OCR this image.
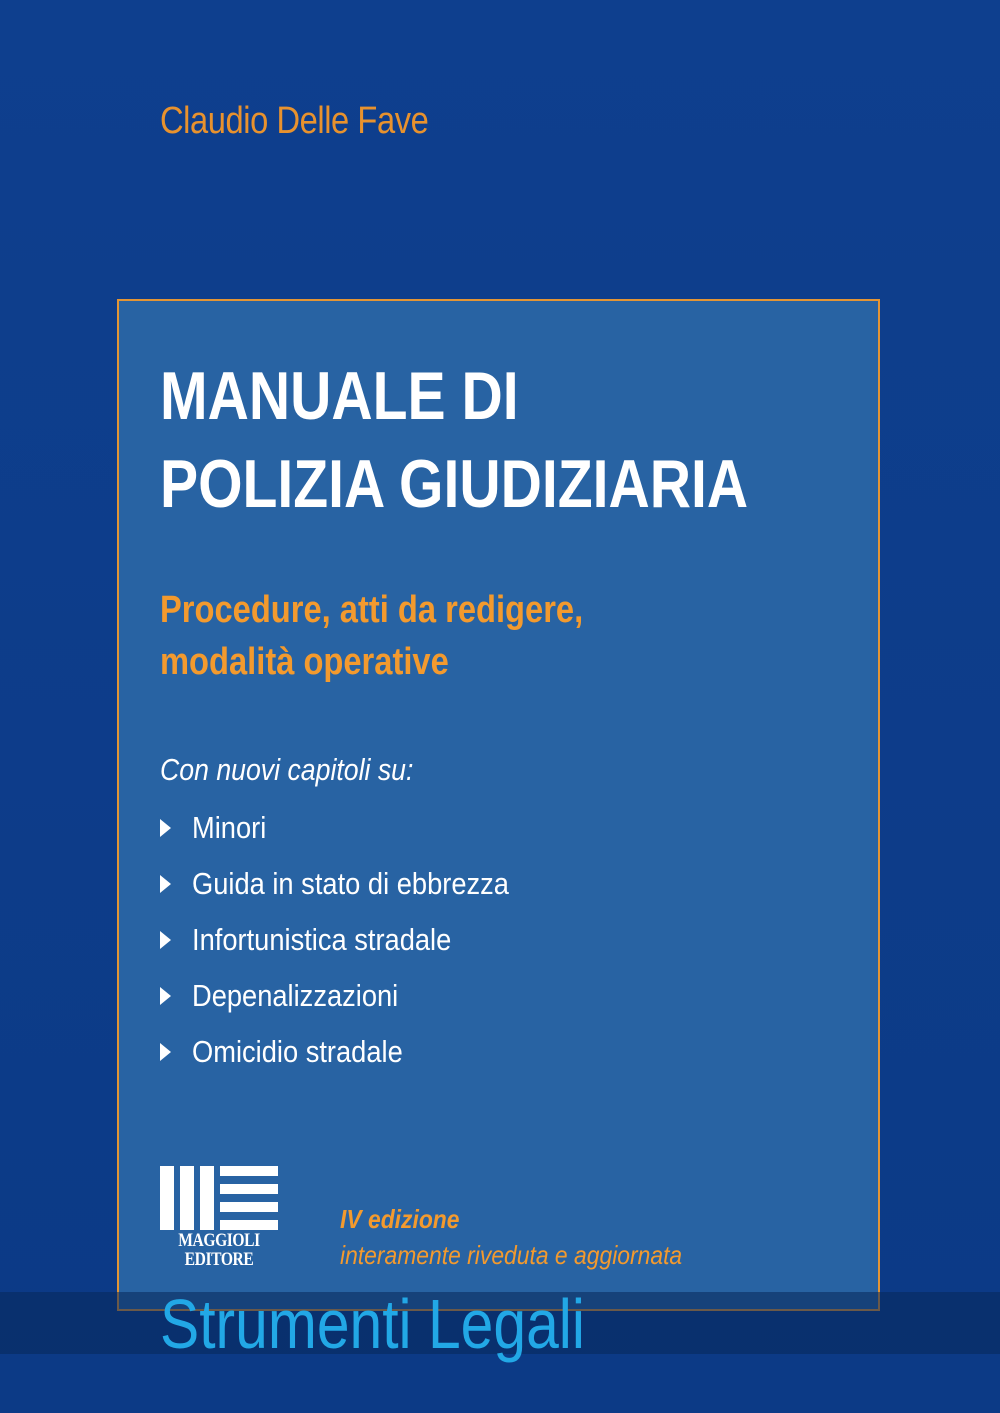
Claudio Delle Fave
MANUALE DI
POLIZIA GIUDIZIARIA
Procedure, atti da redigere,
modalità operative
Con nuovi capitoli su:
Minori
Guida in stato di ebbrezza
Infortunistica stradale
Depenalizzazioni
Omicidio stradale
MAGGIOLI
EDITORE
IV edizione
interamente riveduta e aggiornata
Strumenti Legali
